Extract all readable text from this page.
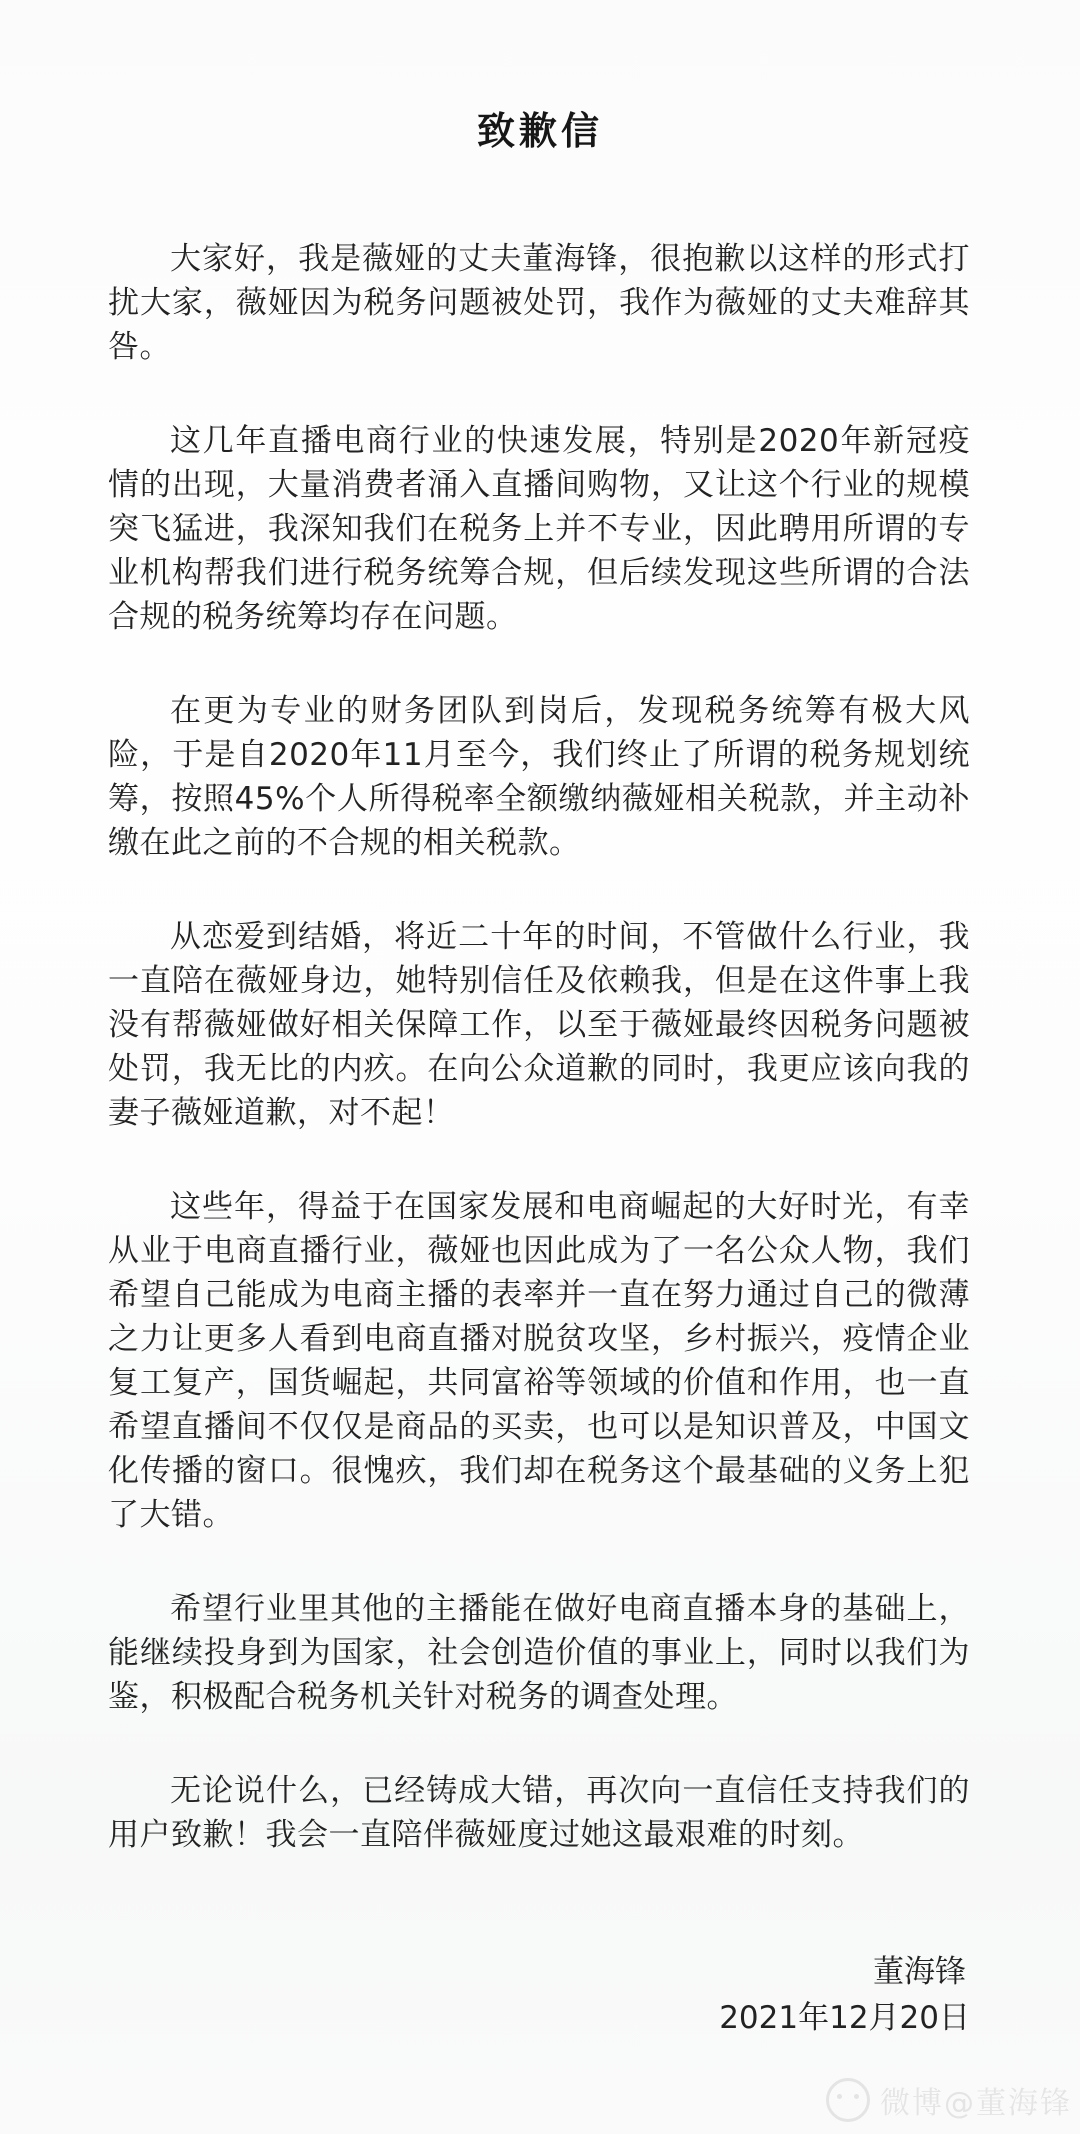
致歉信

大家好，我是薇娅的丈夫董海锋，很抱歉以这样的形式打扰大家，薇娅因为税务问题被处罚，我作为薇娅的丈夫难辞其咎。

这几年直播电商行业的快速发展，特别是2020年新冠疫情的出现，大量消费者涌入直播间购物，又让这个行业的规模突飞猛进，我深知我们在税务上并不专业，因此聘用所谓的专业机构帮我们进行税务统筹合规，但后续发现这些所谓的合法合规的税务统筹均存在问题。

在更为专业的财务团队到岗后，发现税务统筹有极大风险，于是自2020年11月至今，我们终止了所谓的税务规划统筹，按照45%个人所得税率全额缴纳薇娅相关税款，并主动补缴在此之前的不合规的相关税款。

从恋爱到结婚，将近二十年的时间，不管做什么行业，我一直陪在薇娅身边，她特别信任及依赖我，但是在这件事上我没有帮薇娅做好相关保障工作，以至于薇娅最终因税务问题被处罚，我无比的内疚。在向公众道歉的同时，我更应该向我的妻子薇娅道歉，对不起！

这些年，得益于在国家发展和电商崛起的大好时光，有幸从业于电商直播行业，薇娅也因此成为了一名公众人物，我们希望自己能成为电商主播的表率并一直在努力通过自己的微薄之力让更多人看到电商直播对脱贫攻坚，乡村振兴，疫情企业复工复产，国货崛起，共同富裕等领域的价值和作用，也一直希望直播间不仅仅是商品的买卖，也可以是知识普及，中国文化传播的窗口。很愧疚，我们却在税务这个最基础的义务上犯了大错。

希望行业里其他的主播能在做好电商直播本身的基础上，能继续投身到为国家，社会创造价值的事业上，同时以我们为鉴，积极配合税务机关针对税务的调查处理。

无论说什么，已经铸成大错，再次向一直信任支持我们的用户致歉！我会一直陪伴薇娅度过她这最艰难的时刻。

董海锋
2021年12月20日
微博@董海锋
